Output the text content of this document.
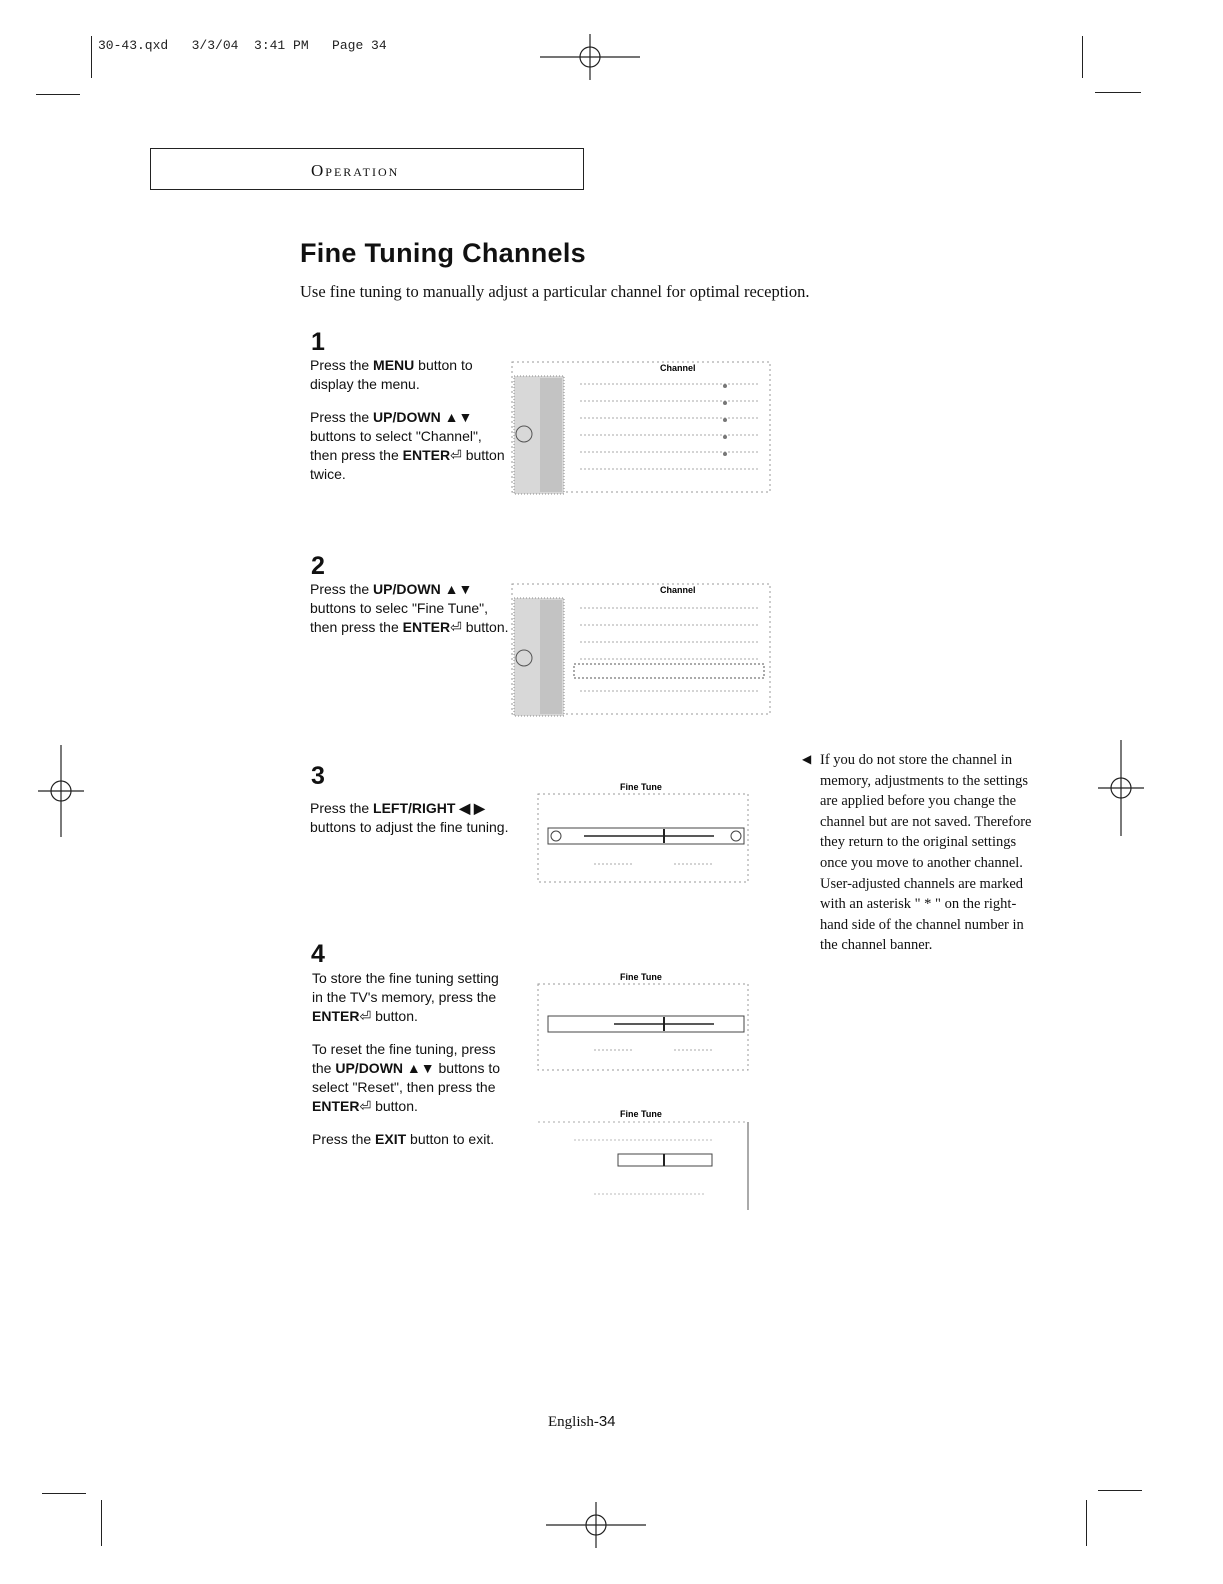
30-43.qxd   3/3/04  3:41 PM   Page 34
Operation
Fine Tuning Channels
Use fine tuning to manually adjust a particular channel for optimal reception.
1

Press the MENU button to display the menu.

Press the UP/DOWN ▲▼ buttons to select "Channel", then press the ENTER⏎ button twice.

Channel
2

Press the UP/DOWN ▲▼ buttons to selec "Fine Tune", then press the ENTER⏎ button.

Channel
3

Press the LEFT/RIGHT ◀ ▶ buttons to adjust the fine tuning.

Fine Tune
◀ If you do not store the channel in memory, adjustments to the settings are applied before you change the channel but are not saved. Therefore they return to the original settings once you move to another channel. User-adjusted channels are marked with an asterisk " * " on the right-hand side of the channel number in the channel banner.
4

To store the fine tuning setting in the TV's memory, press the ENTER⏎ button.

To reset the fine tuning, press the UP/DOWN ▲▼ buttons to select "Reset", then press the ENTER⏎ button.

Press the EXIT button to exit.

Fine Tune
Fine Tune
English-34
